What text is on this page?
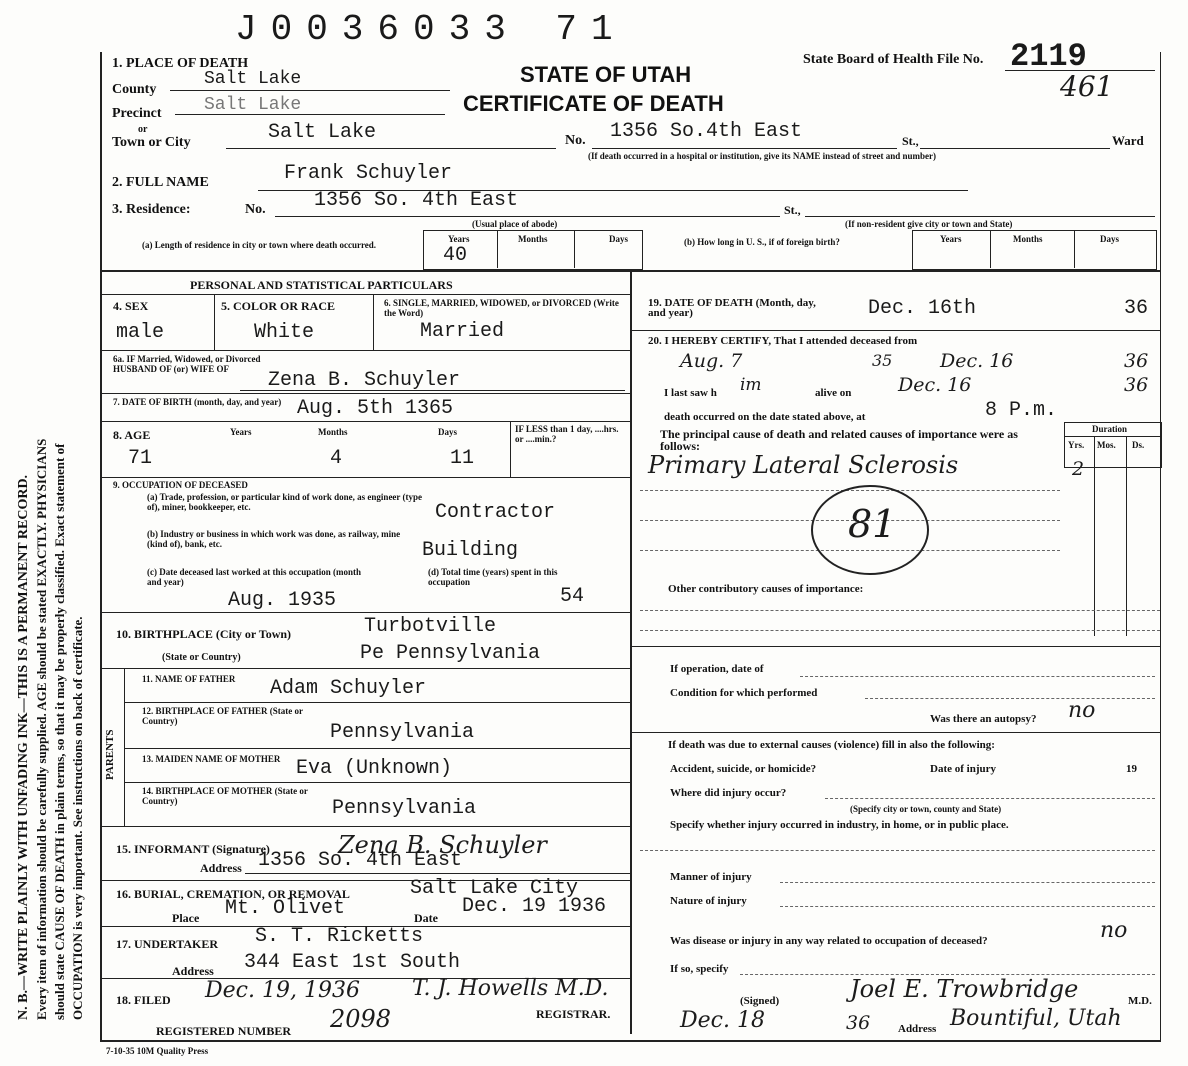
J0036033 71
N. B.—WRITE PLAINLY WITH UNFADING INK—THIS IS A PERMANENT RECORD. Every item of information should be carefully supplied. AGE should be stated EXACTLY. PHYSICIANS should state CAUSE OF DEATH in plain terms, so that it may be properly classified. Exact statement of OCCUPATION is very important. See instructions on back of certificate.
STATE OF UTAH
CERTIFICATE OF DEATH
State Board of Health File No. 2119
461
1. PLACE OF DEATH
County
Salt Lake
Precinct Salt Lake
or
Town or City	Salt Lake	No. 1356 So.4th East	St.,	Ward
(If death occurred in a hospital or institution, give its NAME instead of street and number)
2. FULL NAME	Frank Schuyler
3. Residence:	No. 1356 So. 4th East	St.,
(Usual place of abode)	(If non-resident give city or town and State)
(a) Length of residence in city or town where death occurred.
Years	Months	Days
40
(b) How long in U. S., if of foreign birth?	Years	Months	Days
PERSONAL AND STATISTICAL PARTICULARS
4. SEX
male
5. COLOR OR RACE
White
6. SINGLE, MARRIED, WIDOWED, or DIVORCED (Write the Word)
Married
6a. IF Married, Widowed, or Divorced HUSBAND OF (or) WIFE OF	Zena B. Schuyler
7. DATE OF BIRTH (month, day, and year) Aug. 5th 1365
8. AGE	Years	Months	Days
71	4	11
IF LESS than 1 day, ....hrs. or ....min.?
9. OCCUPATION OF DECEASED
(a) Trade, profession, or particular kind of work done, as engineer (type of), miner, bookkeeper, etc.	Contractor
(b) Industry or business in which work was done, as railway, mine (kind of), bank, etc.	Building
(c) Date deceased last worked at this occupation (month and year)
Aug. 1935
(d) Total time (years) spent in this occupation
54
10. BIRTHPLACE (City or Town)	Turbotville
(State or Country)	Pe Pennsylvania
PARENTS
11. NAME OF FATHER	Adam Schuyler
12. BIRTHPLACE OF FATHER (State or Country)	Pennsylvania
13. MAIDEN NAME OF MOTHER Eva (Unknown)
14. BIRTHPLACE OF MOTHER (State or Country)	Pennsylvania
15. INFORMANT (Signature)	Zena B. Schuyler
Address 1356 So. 4th East
16. BURIAL, CREMATION, OR REMOVAL	Salt Lake City
Place Mt. Olivet	Date Dec. 19 1936
17. UNDERTAKER S. T. Ricketts
Address 344 East 1st South
18. FILED Dec. 19, 1936 T. J. Howells M.D.
REGISTRAR.
REGISTERED NUMBER 2098
7-10-35 10M Quality Press
19. DATE OF DEATH (Month, day, and year)	Dec. 16th	36
20. I HEREBY CERTIFY, That I attended deceased from
Aug. 7	35	Dec. 16	36
I last saw h im	alive on Dec. 16	36
death occurred on the date stated above, at	8 P.m.
The principal cause of death and related causes of importance were as follows:
Duration
Yrs. Mos. Ds.
Primary Lateral Sclerosis	2
81
Other contributory causes of importance:
If operation, date of
Condition for which performed
Was there an autopsy? no
If death was due to external causes (violence) fill in also the following:
Accident, suicide, or homicide?	Date of injury	19
Where did injury occur?
(Specify city or town, county and State)
Specify whether injury occurred in industry, in home, or in public place.
Manner of injury
Nature of injury
Was disease or injury in any way related to occupation of deceased?	no
If so, specify
(Signed)	Joel E. Trowbridge	M.D.
Dec. 18	36	Address Bountiful, Utah
